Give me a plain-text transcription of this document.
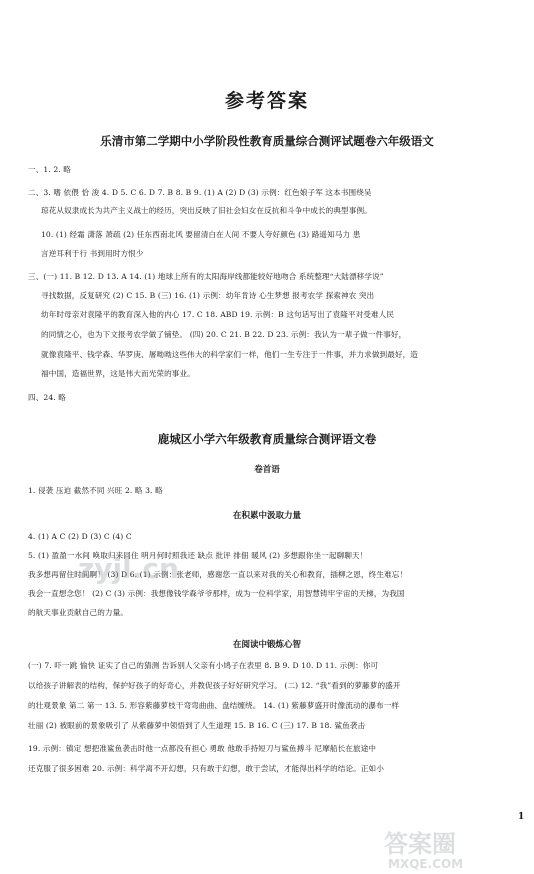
参考答案
乐清市第二学期中小学阶段性教育质量综合测评试题卷六年级语文
一、1. 2. 略
二、3. 嗜 依偎 恰 浚 4. D 5. C 6. D 7. B 8. B 9. (1) A (2) D (3) 示例：红色娘子军 这本书围绕吴
琼花从奴隶成长为共产主义战士的经历，突出反映了旧社会妇女在反抗和斗争中成长的典型事例。
10. (1) 经霜 潇落 萧疏 (2) 任东西南北风 要留清白在人间 不要人夸好颜色 (3) 路遥知马力 患
言逆耳利于行 书到用时方恨少
三、(一) 11. B 12. D 13. A 14. (1) 地球上所有的太阳海岸线都能较好地吻合 系统整理“大陆漂移学说”
寻找数据，反复研究 (2) C 15. B (三) 16. (1) 示例：幼年肯诗 心生梦想 报考农学 探索神农 突出
幼年时母亲对袁隆平的教育深入他的内心 17. C 18. ABD 19. 示例：B 这句话写出了袁隆平对受难人民
的同情之心，也为下文报考农学做了铺垫。 (四) 20. C 21. B 22. D 23. 示例：我认为一辈子做一件事好，
就像袁隆平、钱学森、华罗庚、屠呦呦这些伟大的科学家们一样，他们一生专注于一件事，并力求做到最好，造
福中国，造福世界，这是伟大而光荣的事业。
四、24. 略
鹿城区小学六年级教育质量综合测评语文卷
卷首语
1. 侵袭 压迫 截然不同 兴旺 2. 略 3. 略
在积累中汲取力量
4. (1) A C (2) D (3) C (4) C
5. (1) 盈盈一水间 唤取归来同住 明月何时照我还 缺点 批评 排佃 暖风 (2) 多想跟你坐一起聊聊天！
我多想再留住时间啊！ (3) D 6. (1) 示例：张老师，感谢您一直以来对我的关心和教育，插柳之恩，终生难忘！
我会一直想念您！ (2) C (3) 示例：我想像钱学森爷爷那样，成为一位科学家，用智慧铸牢宇宙的天梯，为我国
的航天事业贡献自己的力量。
在阅读中锻炼心智
(一) 7. 吓一跳 愉快 证实了自己的猜测 告诉别人父亲有小鸠子在表里 8. B 9. D 10. D 11. 示例：你可
以给孩子讲解表的结构，保护好孩子的好奇心，并教促孩子好好研究学习。 (二) 12. “我”看到的萝藤萝的盛开
的壮观景象 第二 第一 13. 5. 形容紫藤萝枝干弯弯曲曲、盘结缠绕。 14. (1) 紫藤萝盛开时像流动的瀑布一样
壮丽 (2) 被眼前的景象吸引了 从紫藤萝中领悟到了人生道理 15. B 16. C (三) 17. B 18. 鲨鱼袭击
19. 示例：镇定 想把准鲨鱼袭击时他一点都没有担心 勇敢 他敢手持短刀与鲨鱼搏斗 尼摩船长在旅途中
还克服了很多困难 20. 示例：科学离不开幻想，只有敢于幻想，敢于尝试，才能得出科学的结论。正如小
1
zyjl.cn
答案圈
MXQE.COM
